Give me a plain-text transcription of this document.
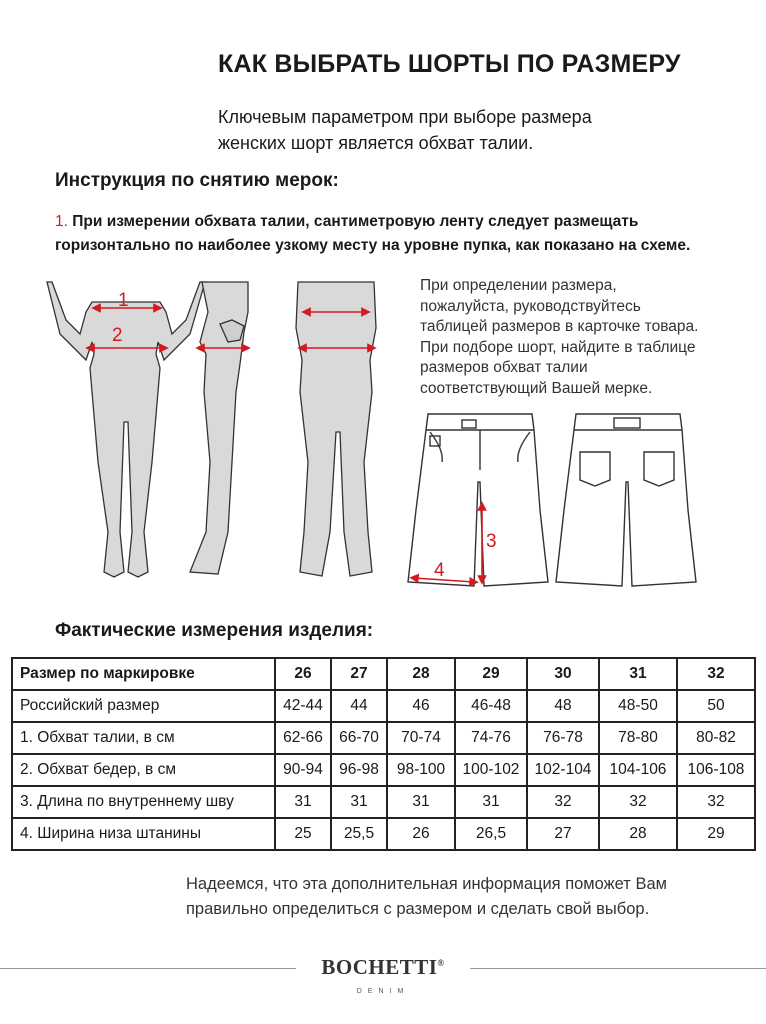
КАК ВЫБРАТЬ ШОРТЫ ПО РАЗМЕРУ
Ключевым параметром при выборе размера
женских шорт является обхват талии.
Инструкция по снятию мерок:
1. При измерении обхвата талии, сантиметровую ленту следует размещать
горизонтально по наиболее узкому месту на уровне пупка, как показано на схеме.
1
2
При определении размера,
пожалуйста, руководствуйтесь
таблицей размеров в карточке товара.
При подборе шорт, найдите в таблице
размеров обхват талии
соответствующий Вашей мерке.
4
3
Фактические измерения изделия:
Размер по маркировке	26	27	28	29	30	31	32
Российский размер	42-44	44	46	46-48	48	48-50	50
1. Обхват талии, в см	62-66	66-70	70-74	74-76	76-78	78-80	80-82
2. Обхват бедер, в см	90-94	96-98	98-100	100-102	102-104	104-106	106-108
3. Длина по внутреннему шву	31	31	31	31	32	32	32
4. Ширина низа штанины	25	25,5	26	26,5	27	28	29
Надеемся, что эта дополнительная информация поможет Вам
правильно определиться с размером и сделать свой выбор.
BOCHETTI®
DENIM
